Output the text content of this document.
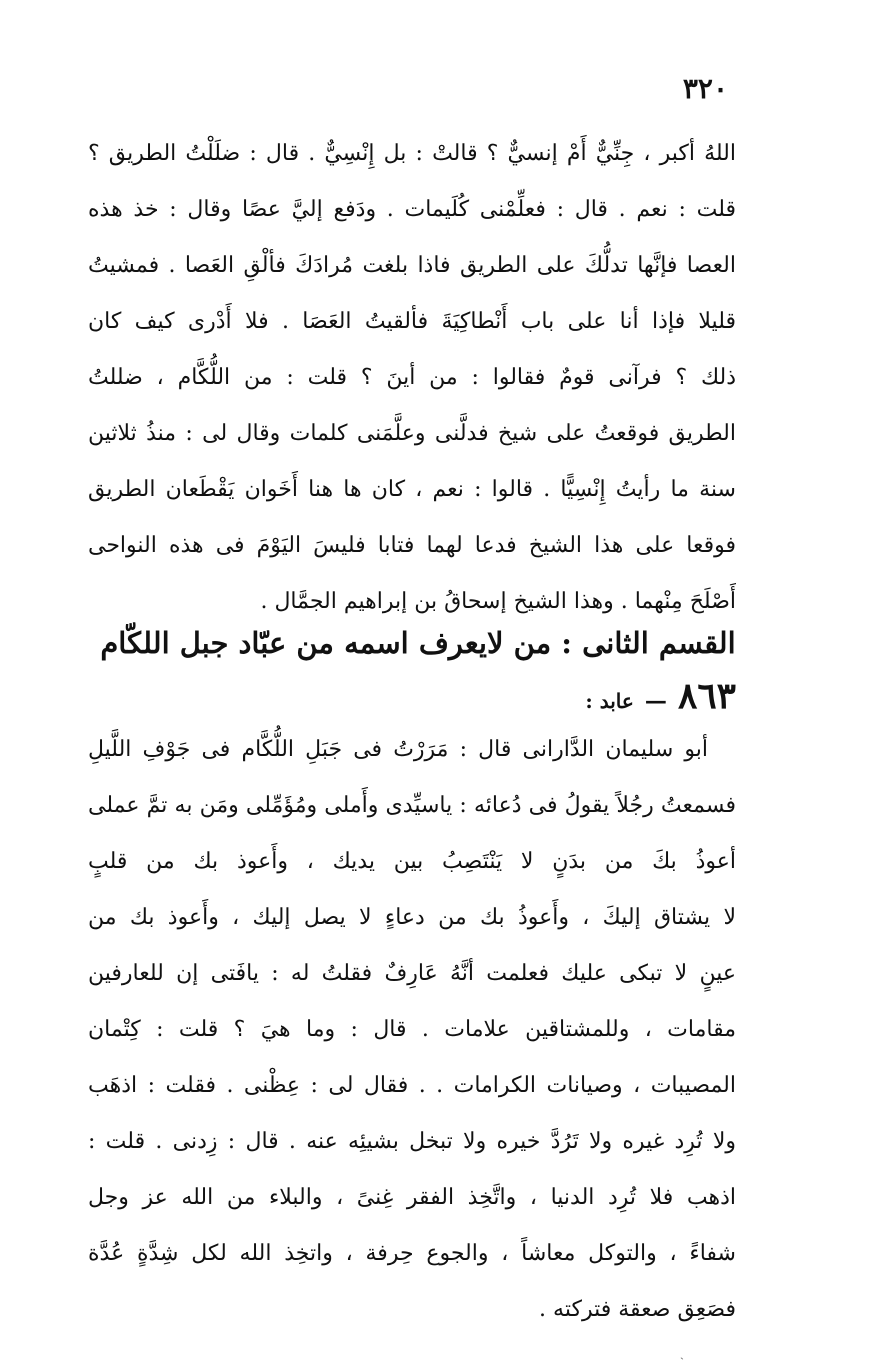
٣٢٠
اللهُ أكبر ، جِنِّيٌّ أَمْ إنسيٌّ ؟ قالتْ : بل إِنْسِيٌّ . قال : ضلَلْتُ الطريق ؟
قلت : نعم . قال : فعلِّمْنى كُلَيمات . ودَفع إليَّ عصًا وقال : خذ هذه
العصا فإنَّها تدلُّكَ على الطريق فاذا بلغت مُرادَكَ فألْقِ العَصا . فمشيتُ
قليلا فإذا أنا على باب أَنْطاكِيَةَ فألقيتُ العَصَا . فلا أَدْرى كيف كان
ذلك ؟ فرآنى قومٌ فقالوا : من أينَ ؟ قلت : من اللُّكَّام ، ضللتُ
الطريق فوقعتُ على شيخ فدلَّنى وعلَّمَنى كلمات وقال لى : منذُ ثلاثين
سنة ما رأيتُ إِنْسِيًّا . قالوا : نعم ، كان ها هنا أَخَوان يَقْطَعان الطريق
فوقعا على هذا الشيخ فدعا لهما فتابا فليسَ اليَوْمَ فى هذه النواحى
أَصْلَحَ مِنْهما . وهذا الشيخ إسحاقُ بن إبراهيم الجمَّال .
القسم الثانى : من لايعرف اسمه من عبّاد جبل اللكّام
٨٦٣ — عابد :
أبو سليمان الدَّارانى قال : مَرَرْتُ فى جَبَلِ اللُّكَّام فى جَوْفِ اللَّيلِ
فسمعتُ رجُلاً يقولُ فى دُعائه : ياسيِّدى وأَملى ومُؤَمِّلى ومَن به تمَّ عملى
أعوذُ بكَ من بدَنٍ لا يَنْتَصِبُ بين يديك ، وأَعوذ بك من قلبٍ
لا يشتاق إليكَ ، وأَعوذُ بك من دعاءٍ لا يصل إليك ، وأَعوذ بك من
عينٍ لا تبكى عليك فعلمت أنَّهُ عَارِفٌ فقلتُ له : يافَتى إن للعارفين
مقامات ، وللمشتاقين علامات . قال : وما هيَ ؟ قلت : كِتْمان
المصيبات ، وصيانات الكرامات . . فقال لى : عِظْنى . فقلت : اذهَب
ولا تُرِد غيره ولا تَرُدَّ خيره ولا تبخل بشيئِه عنه . قال : زِدنى . قلت :
اذهب فلا تُرِد الدنيا ، واتَّخِذ الفقر غِنىً ، والبلاء من الله عز وجل
شفاءً ، والتوكل معاشاً ، والجوع حِرفة ، واتخِذ الله لكل شِدَّةٍ عُدَّة
فصَعِق صعقة فتركته .
ˎ
